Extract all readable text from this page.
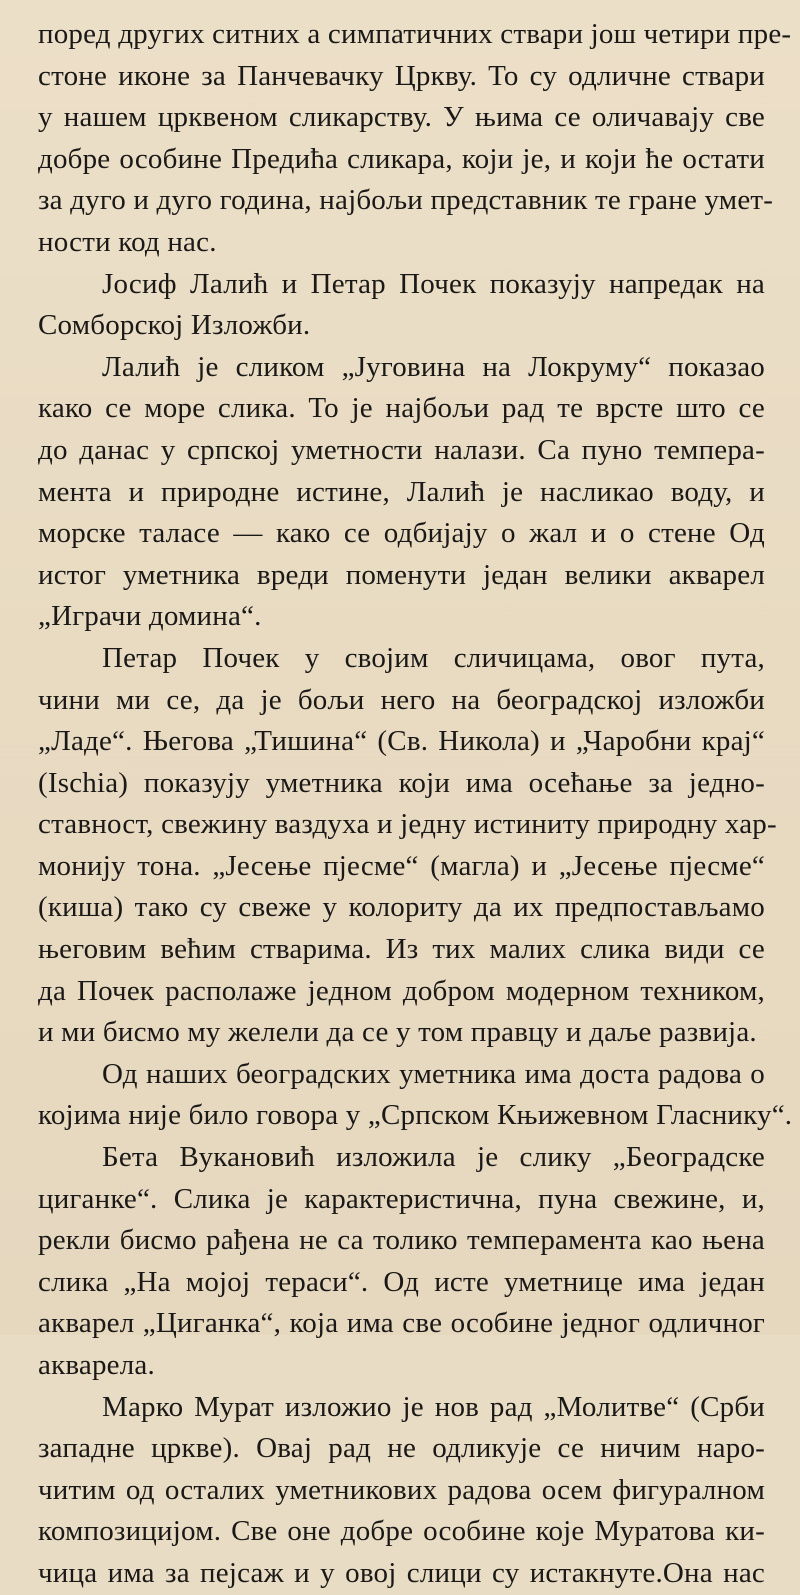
поред других ситних а симпатичних ствари још четири пре-
стоне иконе за Панчевачку Цркву. То су одличне ствари
у нашем црквеном сликарству. У њима се оличавају све
добре особине Предића сликара, који је, и који ће остати
за дуго и дуго година, најбољи представник те гране умет-
ности код нас.
Јосиф Лалић и Петар Почек показују напредак на
Сомборској Изложби.
Лалић је сликом „Југовина на Локруму“ показао
како се море слика. То је најбољи рад те врсте што се
до данас у српској уметности налази. Са пуно темпера-
мента и природне истине, Лалић је насликао воду, и
морске таласе — како се одбијају о жал и о стене Од
истог уметника вреди поменути један велики акварел
„Играчи домина“.
Петар Почек у својим сличицама, овог пута,
чини ми се, да је бољи него на београдској изложби
„Ладе“. Његова „Тишина“ (Св. Никола) и „Чаробни крај“
(Ischia) показују уметника који има осећање за једно-
ставност, свежину ваздуха и једну истиниту природну хар-
монију тона. „Јесење пјесме“ (магла) и „Јесење пјесме“
(киша) тако су свеже у колориту да их предпостављамо
његовим већим стварима. Из тих малих слика види се
да Почек располаже једном добром модерном техником,
и ми бисмо му желели да се у том правцу и даље развија.
Од наших београдских уметника има доста радова о
којима није било говора у „Српском Књижевном Гласнику“.
Бета Вукановић изложила је слику „Београдске
циганке“. Слика је карактеристична, пуна свежине, и,
рекли бисмо рађена не са толико темперамента као њена
слика „На мојој тераси“. Од исте уметнице има један
акварел „Циганка“, која има све особине једног одличног
акварела.
Марко Мурат изложио је нов рад „Молитве“ (Срби
западне цркве). Овај рад не одликује се ничим наро-
читим од осталих уметникових радова осем фигуралном
композицијом. Све оне добре особине које Муратова ки-
чица има за пејсаж и у овој слици су истакнуте.Она нас
